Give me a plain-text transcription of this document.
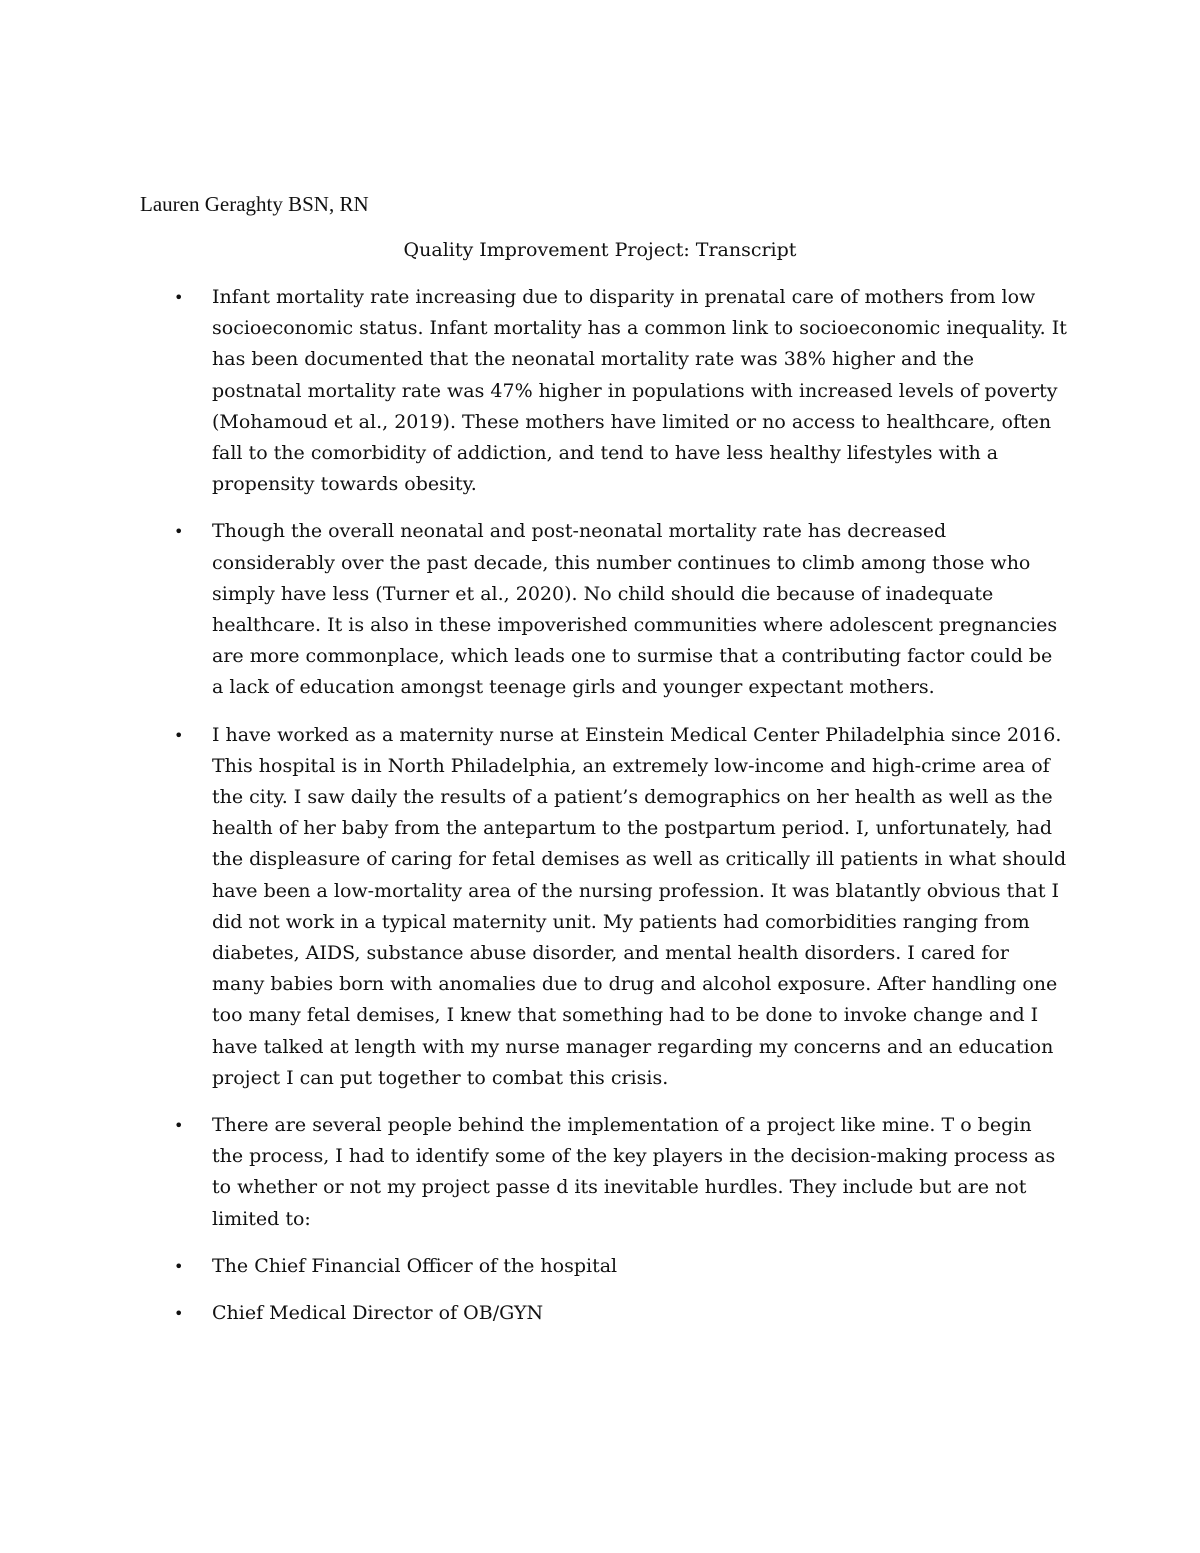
Lauren Geraghty BSN, RN
Quality Improvement Project: Transcript
• Infant mortality rate increasing due to disparity in prenatal care of mothers from low socioeconomic status. Infant mortality has a common link to socioeconomic inequality. It has been documented that the neonatal mortality rate was 38% higher and the postnatal mortality rate was 47% higher in populations with increased levels of poverty (Mohamoud et al., 2019). These mothers have limited or no access to healthcare, often fall to the comorbidity of addiction, and tend to have less healthy lifestyles with a propensity towards obesity.
• Though the overall neonatal and post-neonatal mortality rate has decreased considerably over the past decade, this number continues to climb among those who simply have less (Turner et al., 2020). No child should die because of inadequate healthcare. It is also in these impoverished communities where adolescent pregnancies are more commonplace, which leads one to surmise that a contributing factor could be a lack of education amongst teenage girls and younger expectant mothers.
• I have worked as a maternity nurse at Einstein Medical Center Philadelphia since 2016. This hospital is in North Philadelphia, an extremely low-income and high-crime area of the city. I saw daily the results of a patient’s demographics on her health as well as the health of her baby from the antepartum to the postpartum period. I, unfortunately, had the displeasure of caring for fetal demises as well as critically ill patients in what should have been a low-mortality area of the nursing profession. It was blatantly obvious that I did not work in a typical maternity unit. My patients had comorbidities ranging from diabetes, AIDS, substance abuse disorder, and mental health disorders. I cared for many babies born with anomalies due to drug and alcohol exposure. After handling one too many fetal demises, I knew that something had to be done to invoke change and I have talked at length with my nurse manager regarding my concerns and an education project I can put together to combat this crisis.
• There are several people behind the implementation of a project like mine. T o begin the process, I had to identify some of the key players in the decision-making process as to whether or not my project passe d its inevitable hurdles. They include but are not limited to:
• The Chief Financial Officer of the hospital
• Chief Medical Director of OB/GYN
